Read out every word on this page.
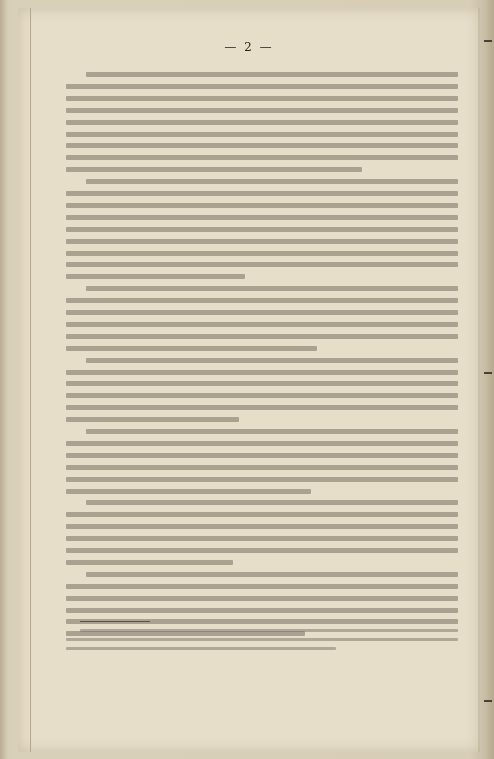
— 2 —
